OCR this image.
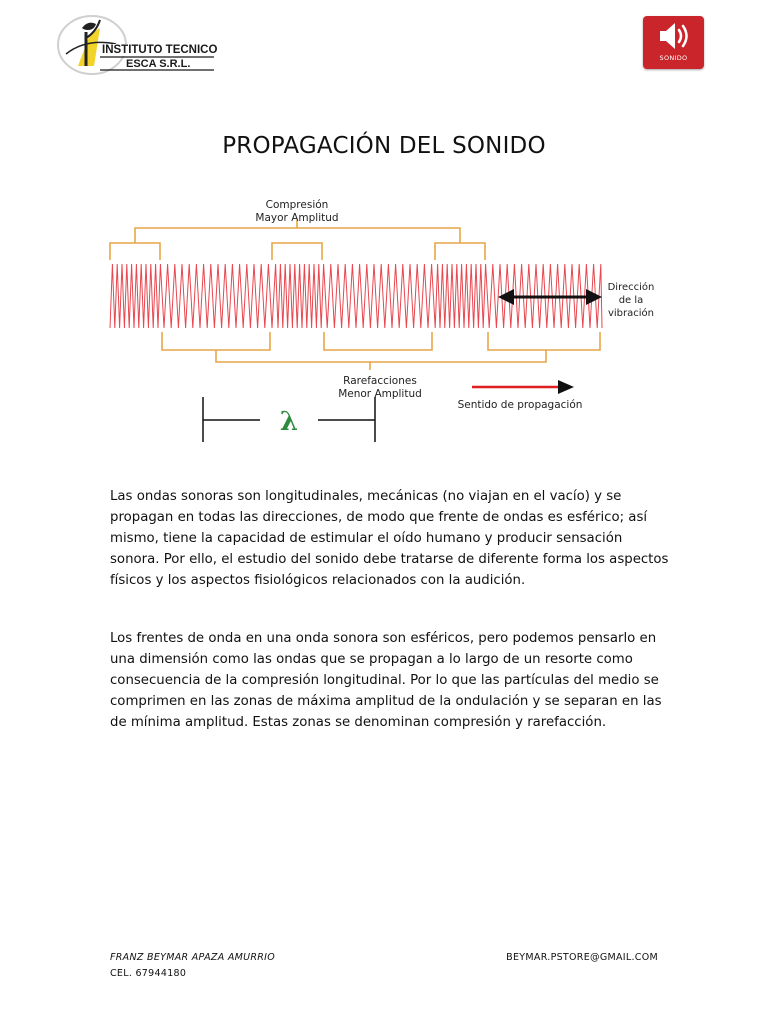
INSTITUTO TECNICO
ESCA S.R.L.	SONIDO
PROPAGACIÓN DEL SONIDO
Compresión
Mayor Amplitud
Rarefacciones
Menor Amplitud
Dirección
de la
vibración
Sentido de propagación
λ

Las ondas sonoras son longitudinales, mecánicas (no viajan en el vacío) y se propagan en todas las direcciones, de modo que frente de ondas es esférico; así mismo, tiene la capacidad de estimular el oído humano y producir sensación sonora. Por ello, el estudio del sonido debe tratarse de diferente forma los aspectos físicos y los aspectos fisiológicos relacionados con la audición.

Los frentes de onda en una onda sonora son esféricos, pero podemos pensarlo en una dimensión como las ondas que se propagan a lo largo de un resorte como consecuencia de la compresión longitudinal. Por lo que las partículas del medio se comprimen en las zonas de máxima amplitud de la ondulación y se separan en las de mínima amplitud. Estas zonas se denominan compresión y rarefacción.

FRANZ BEYMAR APAZA AMURRIO
CEL. 67944180
BEYMAR.PSTORE@GMAIL.COM
